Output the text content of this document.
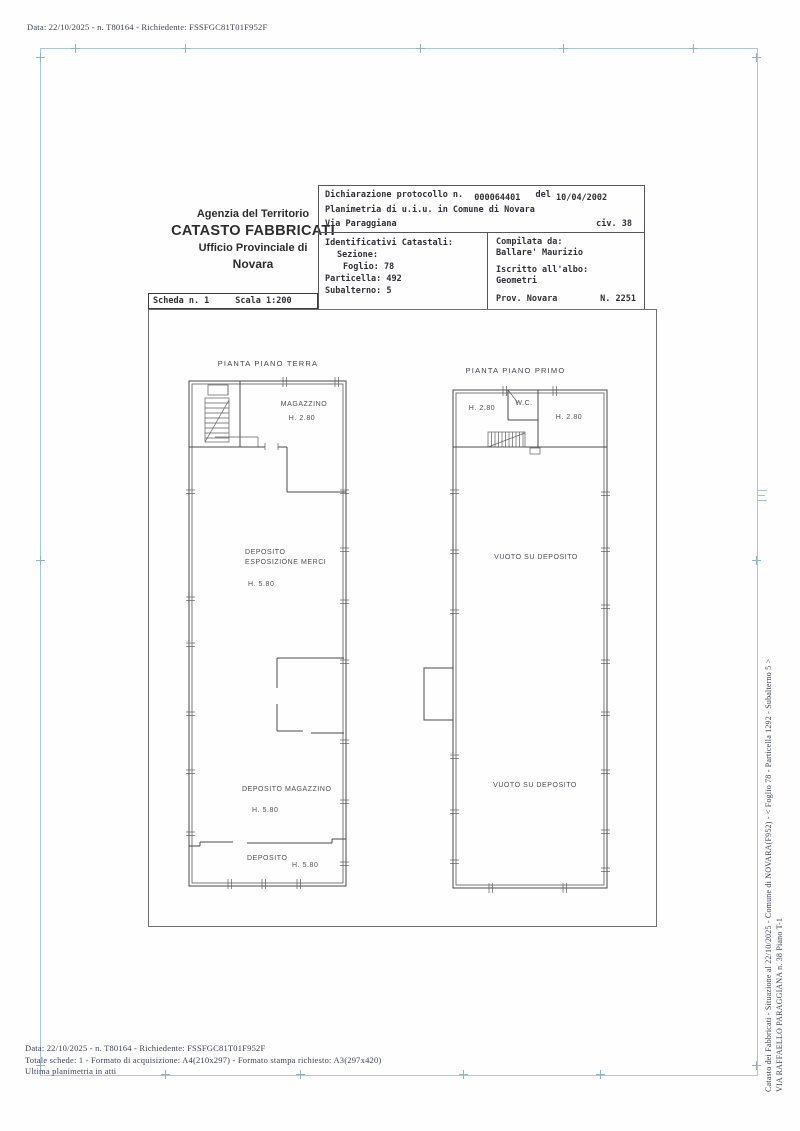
Data: 22/10/2025 - n. T80164 - Richiedente: FSSFGC81T01F952F
Agenzia del Territorio
CATASTO FABBRICATI
Ufficio Provinciale di
Novara
Dichiarazione protocollo n. 000064401 del 10/04/2002
Planimetria di u.i.u. in Comune di Novara
Via Paraggiana	civ. 38
Identificativi Catastali:
Sezione:
Foglio: 78
Particella: 492
Subalterno: 5
Compilata da:
Ballare' Maurizio
Iscritto all'albo:
Geometri
Prov. Novara	N. 2251
Scheda n. 1	Scala 1:200
PIANTA PIANO TERRA
PIANTA PIANO PRIMO
MAGAZZINO
H. 2.80
DEPOSITO
ESPOSIZIONE MERCI
H. 5.80
DEPOSITO MAGAZZINO
H. 5.80
DEPOSITO
H. 5.80
H. 2.80
W.C.
H. 2.80
VUOTO SU DEPOSITO
VUOTO SU DEPOSITO
Data: 22/10/2025 - n. T80164 - Richiedente: FSSFGC81T01F952F
Totale schede: 1 - Formato di acquisizione: A4(210x297) - Formato stampa richiesto: A3(297x420)
Ultima planimetria in atti	Catasto dei Fabbricati - Situazione al 22/10/2025 - Comune di NOVARA(F952) - < Foglio 78 - Particella 1292 - Subalterno 5 > VIA RAFFAELLO PARAGGIANA n. 38 Piano T-1
